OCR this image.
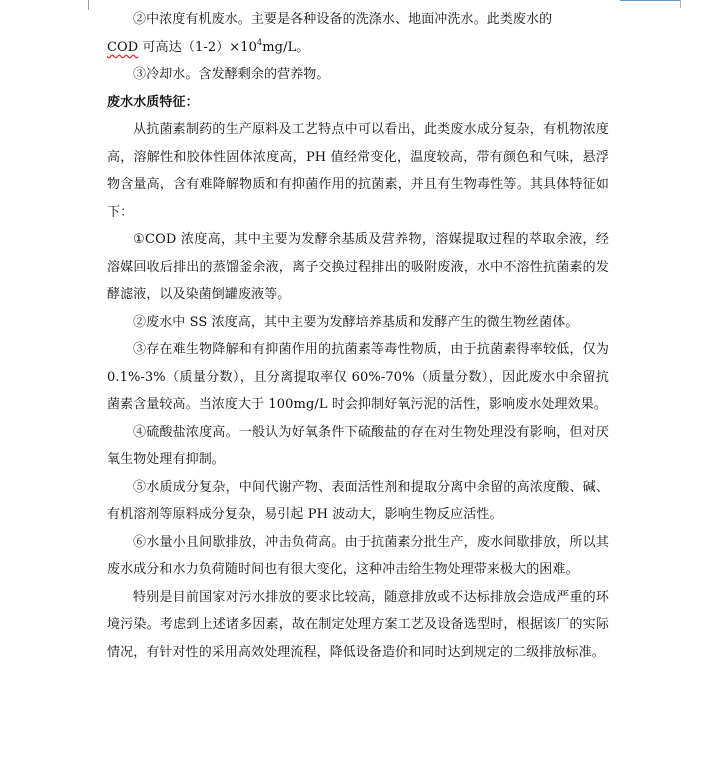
②中浓度有机废水。主要是各种设备的洗涤水、地面冲洗水。此类废水的
COD 可高达$(1-2)\times 10^4mg/L$。

③冷却水。含发酵剩余的营养物。

废水水质特征：

从抗菌素制药的生产原料及工艺特点中可以看出，此类废水成分复杂，有机物浓度高，溶解性和胶体性固体浓度高，PH 值经常变化，温度较高，带有颜色和气味，悬浮物含量高，含有难降解物质和有抑菌作用的抗菌素，并且有生物毒性等。其具体特征如下：

①COD 浓度高，其中主要为发酵余基质及营养物，溶媒提取过程的萃取余液，经溶媒回收后排出的蒸馏釜余液，离子交换过程排出的吸附废液，水中不溶性抗菌素的发酵滤液，以及染菌倒罐废液等。

②废水中 SS 浓度高，其中主要为发酵培养基质和发酵产生的微生物丝菌体。

③存在难生物降解和有抑菌作用的抗菌素等毒性物质，由于抗菌素得率较低，仅为 0.1%-3%（质量分数），且分离提取率仅 60%-70%（质量分数），因此废水中余留抗菌素含量较高。当浓度大于 100mg/L 时会抑制好氧污泥的活性，影响废水处理效果。

④硫酸盐浓度高。一般认为好氧条件下硫酸盐的存在对生物处理没有影响，但对厌氧生物处理有抑制。

⑤水质成分复杂，中间代谢产物、表面活性剂和提取分离中余留的高浓度酸、碱、有机溶剂等原料成分复杂，易引起 PH 波动大，影响生物反应活性。

⑥水量小且间歇排放，冲击负荷高。由于抗菌素分批生产，废水间歇排放，所以其废水成分和水力负荷随时间也有很大变化，这种冲击给生物处理带来极大的困难。

特别是目前国家对污水排放的要求比较高，随意排放或不达标排放会造成严重的环境污染。考虑到上述诸多因素，故在制定处理方案工艺及设备选型时，根据该厂的实际情况，有针对性的采用高效处理流程，降低设备造价和同时达到规定的二级排放标准。
